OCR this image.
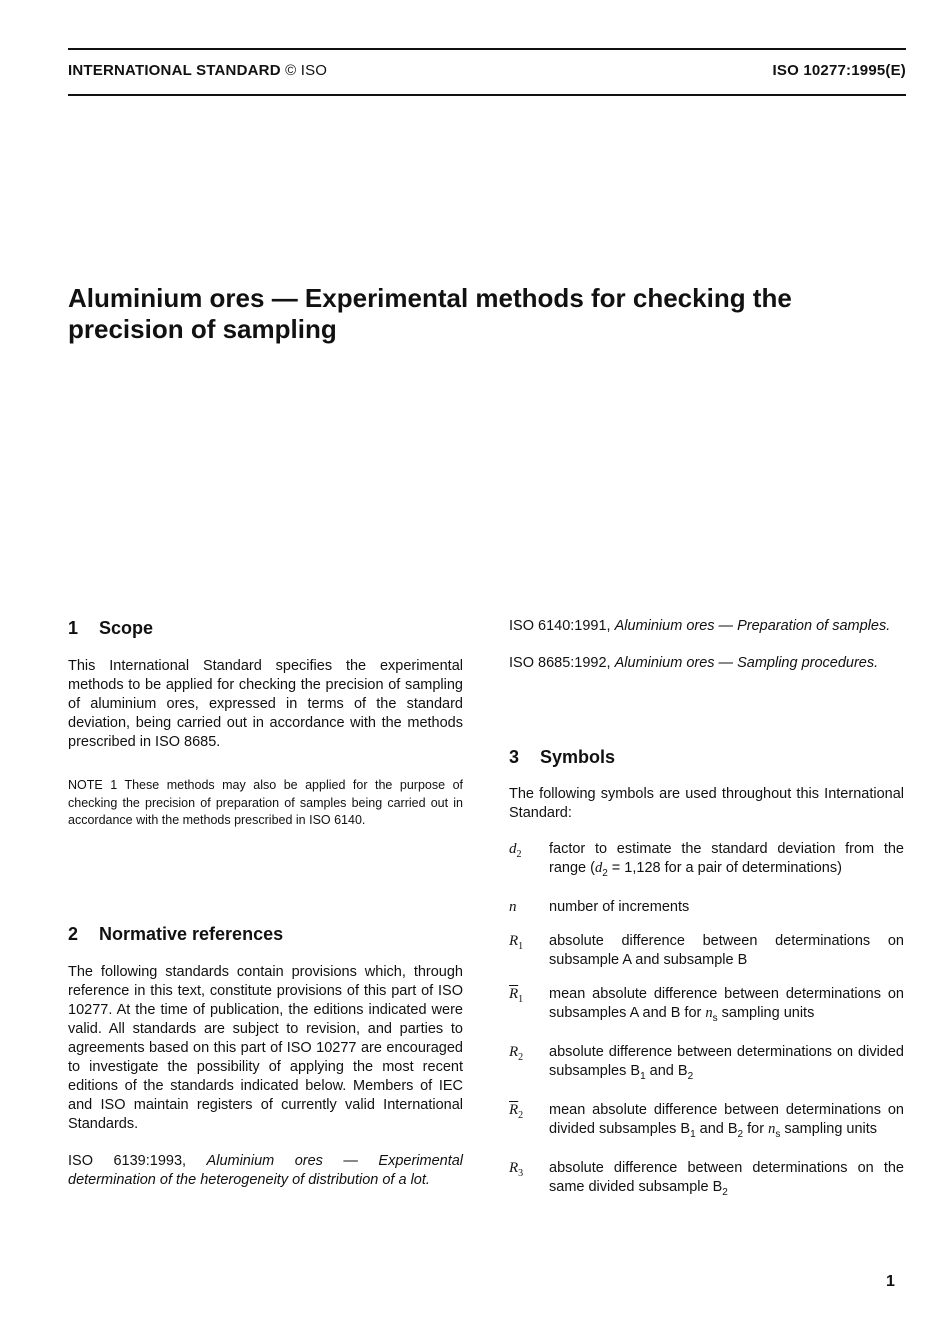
INTERNATIONAL STANDARD © ISO	ISO 10277:1995(E)
Aluminium ores — Experimental methods for checking the precision of sampling
1 Scope

This International Standard specifies the experimental methods to be applied for checking the precision of sampling of aluminium ores, expressed in terms of the standard deviation, being carried out in accordance with the methods prescribed in ISO 8685.

NOTE 1 These methods may also be applied for the purpose of checking the precision of preparation of samples being carried out in accordance with the methods prescribed in ISO 6140.

2 Normative references

The following standards contain provisions which, through reference in this text, constitute provisions of this part of ISO 10277. At the time of publication, the editions indicated were valid. All standards are subject to revision, and parties to agreements based on this part of ISO 10277 are encouraged to investigate the possibility of applying the most recent editions of the standards indicated below. Members of IEC and ISO maintain registers of currently valid International Standards.

ISO 6139:1993, Aluminium ores — Experimental determination of the heterogeneity of distribution of a lot.

ISO 6140:1991, Aluminium ores — Preparation of samples.

ISO 8685:1992, Aluminium ores — Sampling procedures.

3 Symbols

The following symbols are used throughout this International Standard:

$d_2$ factor to estimate the standard deviation from the range ($d_2 = 1,128$ for a pair of determinations)
n number of increments
$R_1$ absolute difference between determinations on subsample A and subsample B
$\overline{R}_1$ mean absolute difference between determinations on subsamples A and B for $n_s$ sampling units
$R_2$ absolute difference between determinations on divided subsamples $B_1$ and $B_2$
$\overline{R}_2$ mean absolute difference between determinations on divided subsamples $B_1$ and $B_2$ for $n_s$ sampling units
$R_3$ absolute difference between determinations on the same divided subsample $B_2$
1
